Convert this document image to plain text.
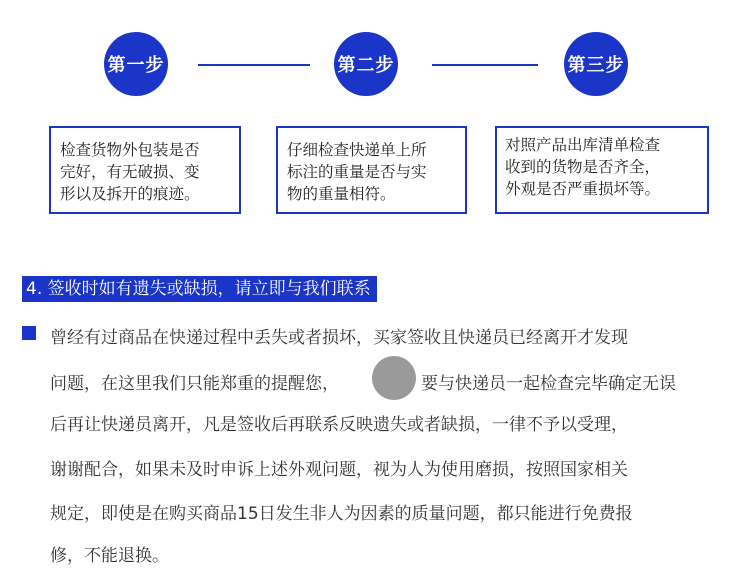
第一步	第二步	第三步
检查货物外包装是否
完好，有无破损、变
形以及拆开的痕迹。
仔细检查快递单上所
标注的重量是否与实
物的重量相符。
对照产品出库清单检查
收到的货物是否齐全，
外观是否严重损坏等。
4. 签收时如有遗失或缺损，请立即与我们联系
曾经有过商品在快递过程中丢失或者损坏，买家签收且快递员已经离开才发现
问题，在这里我们只能郑重的提醒您，	要与快递员一起检查完毕确定无误
后再让快递员离开，凡是签收后再联系反映遗失或者缺损，一律不予以受理，
谢谢配合，如果未及时申诉上述外观问题，视为人为使用磨损，按照国家相关
规定，即使是在购买商品15日发生非人为因素的质量问题，都只能进行免费报
修，不能退换。
